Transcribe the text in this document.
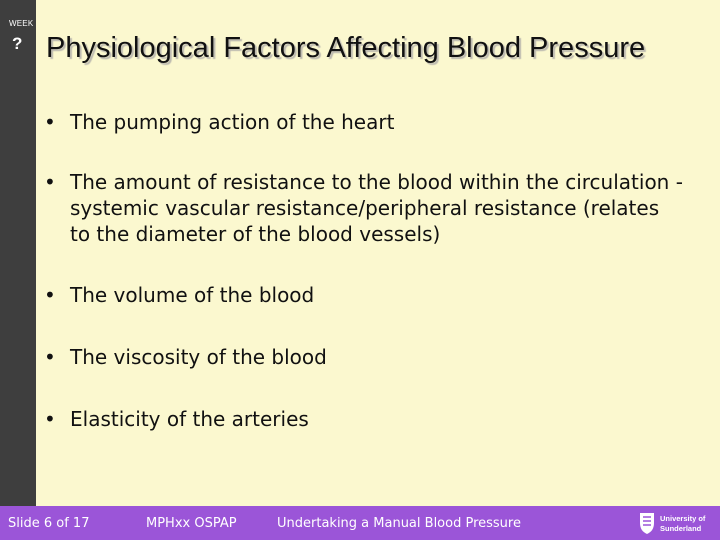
WEEK
? Physiological Factors Affecting Blood Pressure
• The pumping action of the heart
• The amount of resistance to the blood within the circulation - systemic vascular resistance/peripheral resistance (relates to the diameter of the blood vessels)
• The volume of the blood
• The viscosity of the blood
• Elasticity of the arteries
Slide 6 of 17	MPHxx OSPAP	Undertaking a Manual Blood Pressure	University of
Sunderland
